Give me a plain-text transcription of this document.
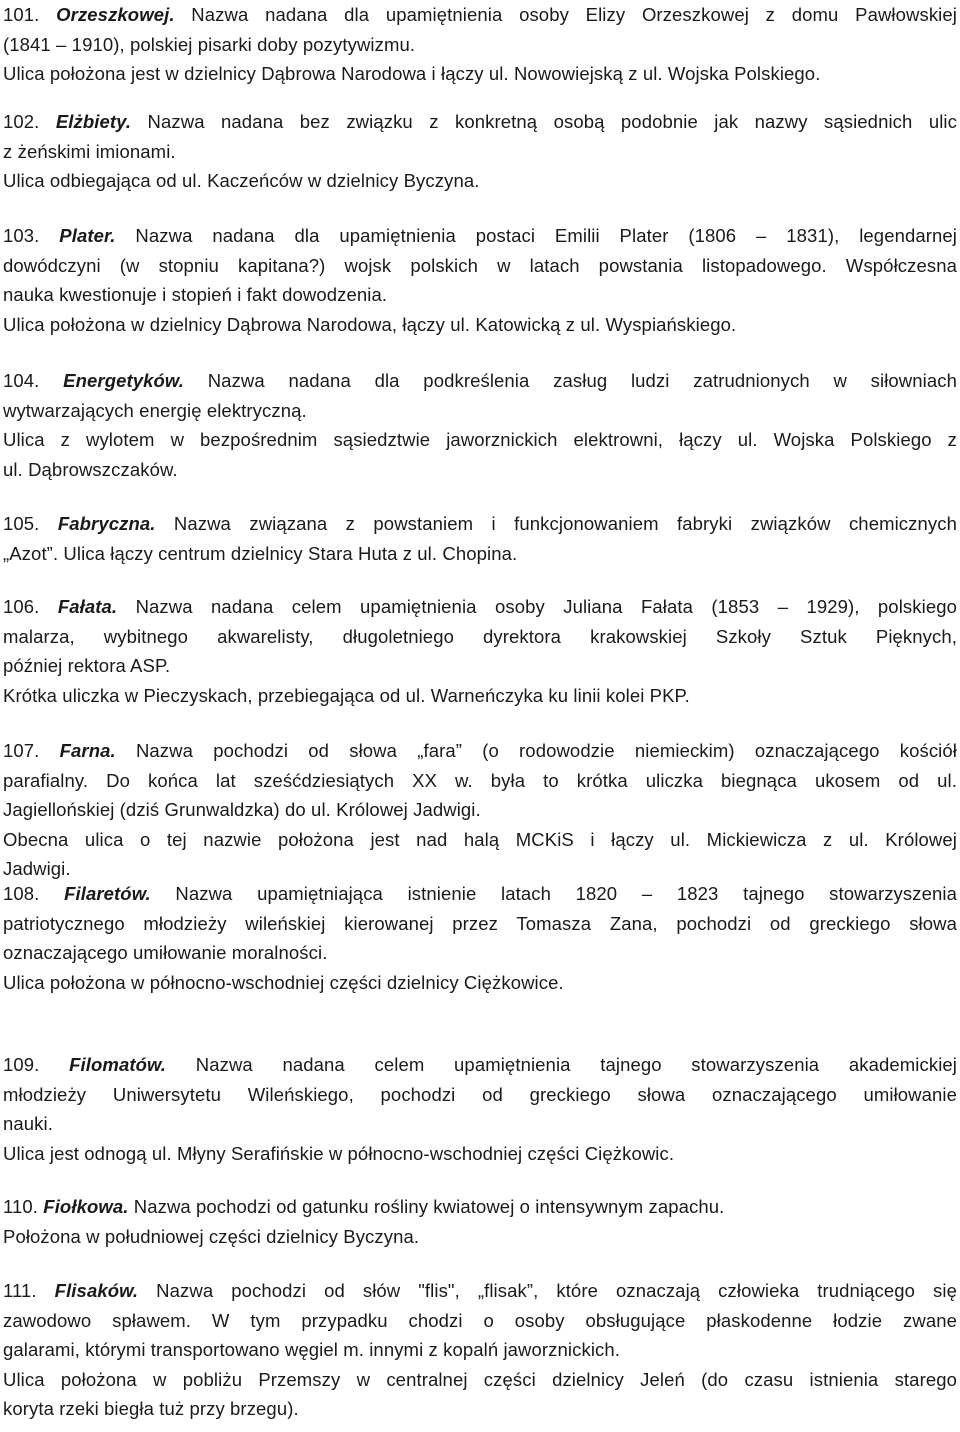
101. Orzeszkowej. Nazwa nadana dla upamiętnienia osoby Elizy Orzeszkowej z domu Pawłowskiej
(1841 – 1910), polskiej pisarki doby pozytywizmu.
Ulica położona jest w dzielnicy Dąbrowa Narodowa i łączy ul. Nowowiejską z ul. Wojska Polskiego.
102. Elżbiety. Nazwa nadana bez związku z konkretną osobą podobnie jak nazwy sąsiednich ulic
z żeńskimi imionami.
Ulica odbiegająca od ul. Kaczeńców w dzielnicy Byczyna.
103. Plater. Nazwa nadana dla upamiętnienia postaci Emilii Plater (1806 – 1831), legendarnej
dowódczyni (w stopniu kapitana?) wojsk polskich w latach powstania listopadowego. Współczesna
nauka kwestionuje i stopień i fakt dowodzenia.
Ulica położona w dzielnicy Dąbrowa Narodowa, łączy ul. Katowicką z ul. Wyspiańskiego.
104. Energetyków. Nazwa nadana dla podkreślenia zasług ludzi zatrudnionych w siłowniach
wytwarzających energię elektryczną.
Ulica z wylotem w bezpośrednim sąsiedztwie jaworznickich elektrowni, łączy ul. Wojska Polskiego z
ul. Dąbrowszczaków.
105. Fabryczna. Nazwa związana z powstaniem i funkcjonowaniem fabryki związków chemicznych
„Azot”. Ulica łączy centrum dzielnicy Stara Huta z ul. Chopina.
106. Fałata. Nazwa nadana celem upamiętnienia osoby Juliana Fałata (1853 – 1929), polskiego
malarza, wybitnego akwarelisty, długoletniego dyrektora krakowskiej Szkoły Sztuk Pięknych,
później rektora ASP.
Krótka uliczka w Pieczyskach, przebiegająca od ul. Warneńczyka ku linii kolei PKP.
107. Farna. Nazwa pochodzi od słowa „fara” (o rodowodzie niemieckim) oznaczającego kościół
parafialny. Do końca lat sześćdziesiątych XX w. była to krótka uliczka biegnąca ukosem od ul.
Jagiellońskiej (dziś Grunwaldzka) do ul. Królowej Jadwigi.
Obecna ulica o tej nazwie położona jest nad halą MCKiS i łączy ul. Mickiewicza z ul. Królowej
Jadwigi.
108. Filaretów. Nazwa upamiętniająca istnienie latach 1820 – 1823 tajnego stowarzyszenia
patriotycznego młodzieży wileńskiej kierowanej przez Tomasza Zana, pochodzi od greckiego słowa
oznaczającego umiłowanie moralności.
Ulica położona w północno-wschodniej części dzielnicy Ciężkowice.
109. Filomatów. Nazwa nadana celem upamiętnienia tajnego stowarzyszenia akademickiej
młodzieży Uniwersytetu Wileńskiego, pochodzi od greckiego słowa oznaczającego umiłowanie
nauki.
Ulica jest odnogą ul. Młyny Serafińskie w północno-wschodniej części Ciężkowic.
110. Fiołkowa. Nazwa pochodzi od gatunku rośliny kwiatowej o intensywnym zapachu.
Położona w południowej części dzielnicy Byczyna.
111. Flisaków. Nazwa pochodzi od słów "flis", „flisak”, które oznaczają człowieka trudniącego się
zawodowo spławem. W tym przypadku chodzi o osoby obsługujące płaskodenne łodzie zwane
galarami, którymi transportowano węgiel m. innymi z kopalń jaworznickich.
Ulica położona w pobliżu Przemszy w centralnej części dzielnicy Jeleń (do czasu istnienia starego
koryta rzeki biegła tuż przy brzegu).
